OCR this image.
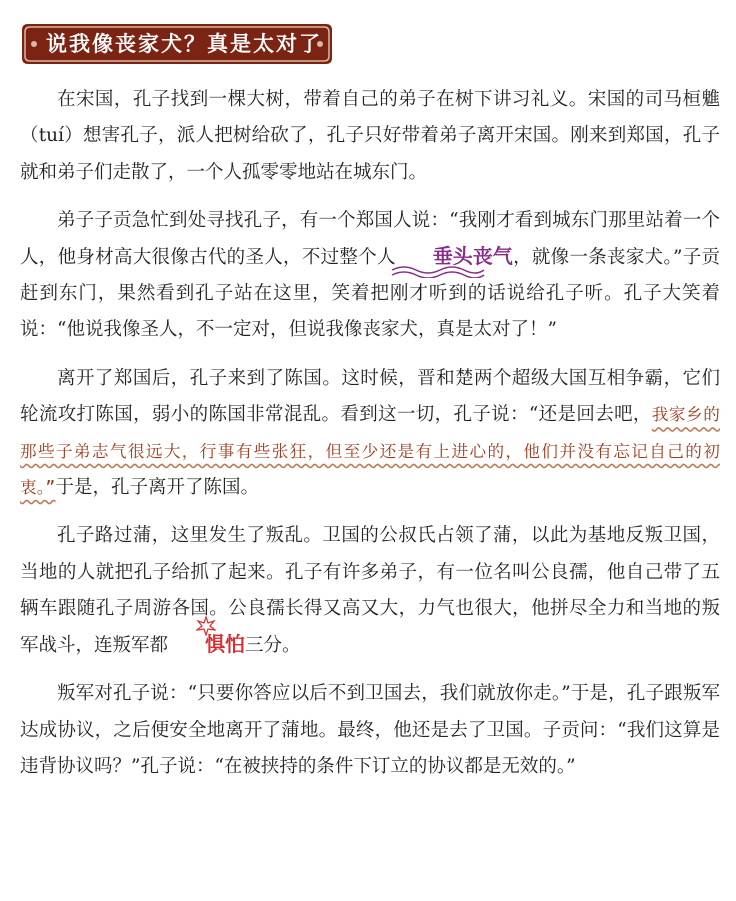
说我像丧家犬？真是太对了

在宋国，孔子找到一棵大树，带着自己的弟子在树下讲习礼义。宋国的司马桓魋（tuí）想害孔子，派人把树给砍了，孔子只好带着弟子离开宋国。刚来到郑国，孔子就和弟子们走散了，一个人孤零零地站在城东门。

弟子子贡急忙到处寻找孔子，有一个郑国人说：“我刚才看到城东门那里站着一个人，他身材高大很像古代的圣人，不过整个人 垂头丧气
，就像一条丧家犬。”子贡赶到东门，果然看到孔子站在这里，笑着把刚才听到的话说给孔子听。孔子大笑着说：“他说我像圣人，不一定对，但说我像丧家犬，真是太对了！”

离开了郑国后，孔子来到了陈国。这时候，晋和楚两个超级大国互相争霸，它们轮流攻打陈国，弱小的陈国非常混乱。看到这一切，孔子说：“还是回去吧，我家乡的那些子弟志气很远大，行事有些张狂，但至少还是有上进心的，他们并没有忘记自己的初衷。”于是，孔子离开了陈国。

孔子路过蒲，这里发生了叛乱。卫国的公叔氏占领了蒲，以此为基地反叛卫国，当地的人就把孔子给抓了起来。孔子有许多弟子，有一位名叫公良孺，他自己带了五辆车跟随孔子周游各国。公良孺长得又高又大，力气也很大，他拼尽全力和当地的叛军战斗，连叛军都 惧怕
三分。

叛军对孔子说：“只要你答应以后不到卫国去，我们就放你走。”于是，孔子跟叛军达成协议，之后便安全地离开了蒲地。最终，他还是去了卫国。子贡问：“我们这算是违背协议吗？”孔子说：“在被挟持的条件下订立的协议都是无效的。”
